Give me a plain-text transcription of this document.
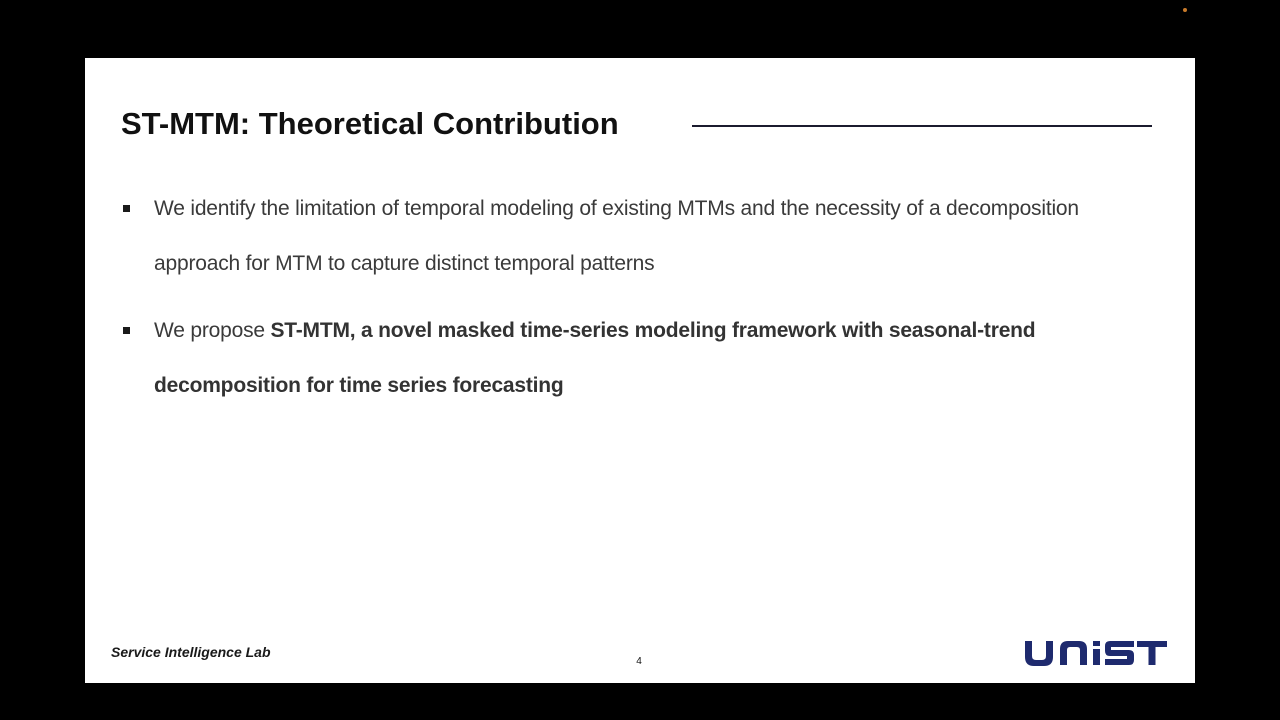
ST-MTM: Theoretical Contribution
We identify the limitation of temporal modeling of existing MTMs and the necessity of a decomposition approach for MTM to capture distinct temporal patterns
We propose ST-MTM, a novel masked time-series modeling framework with seasonal-trend decomposition for time series forecasting
Service Intelligence Lab
4
